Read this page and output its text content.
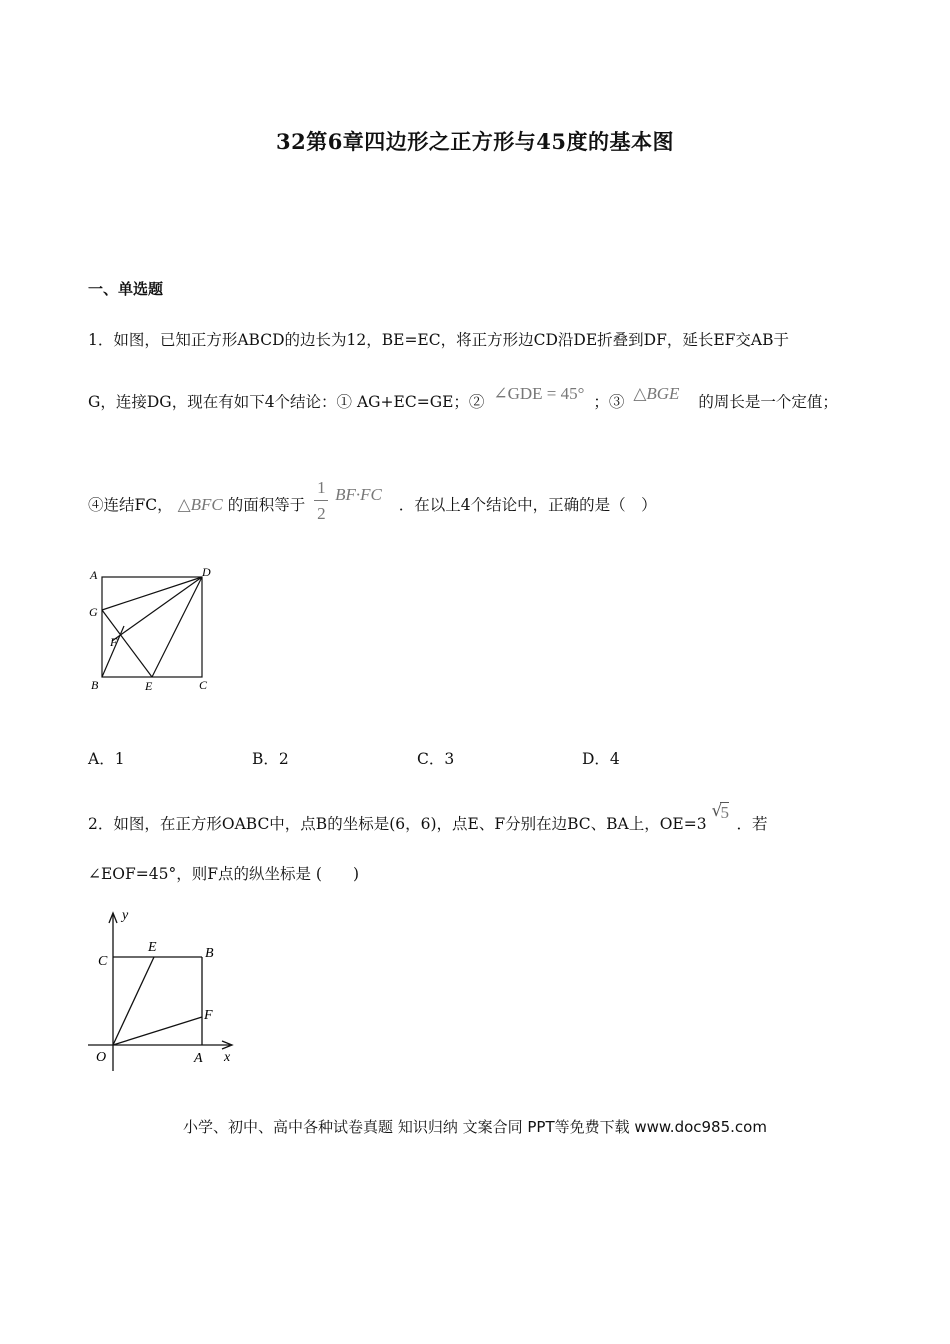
32第6章四边形之正方形与45度的基本图
一、单选题
1．如图，已知正方形ABCD的边长为12，BE=EC，将正方形边CD沿DE折叠到DF，延长EF交AB于
G，连接DG，现在有如下4个结论：① AG+EC=GE；② ∠GDE = 45° ；③ △BGE 的周长是一个定值；
④连结FC， △BFC 的面积等于
$\frac{1}{2}$
BF·FC ．在以上4个结论中，正确的是（　）
A	D
G
F
B	E	C
A．1	B．2	C．3	D．4
2．如图，在正方形OABC中，点B的坐标是(6，6)，点E、F分别在边BC、BA上，OE=3
√
5
．若
∠EOF=45°，则F点的纵坐标是 (　　)
y
x
C
E	B
F
O	A
小学、初中、高中各种试卷真题 知识归纳 文案合同 PPT等免费下载 www.doc985.com
